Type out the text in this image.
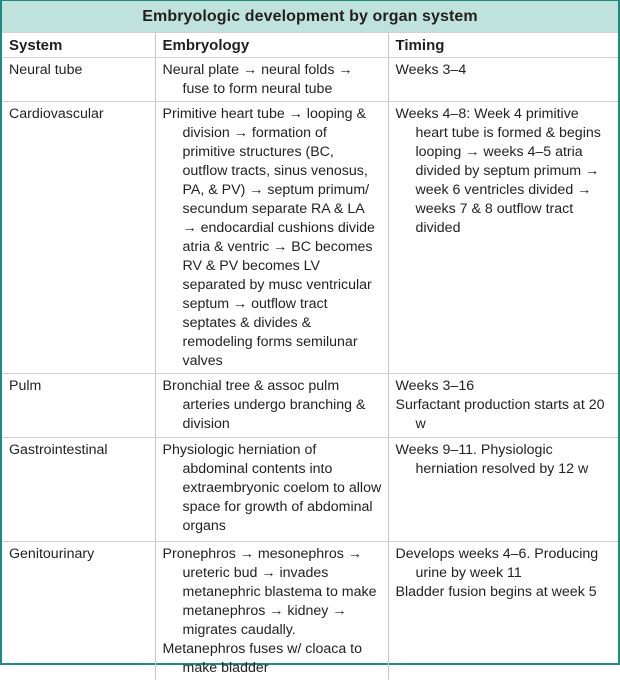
Embryologic development by organ system
System	Embryology	Timing
Neural tube	Neural plate → neural folds → fuse to form neural tube	Weeks 3–4

Cardiovascular	Primitive heart tube → looping & division → formation of primitive structures (BC, outflow tracts, sinus venosus, PA, & PV) → septum primum/ secundum separate RA & LA → endocardial cushions divide atria & ventric → BC becomes RV & PV becomes LV separated by musc ventricular septum → outflow tract septates & divides & remodeling forms semilunar valves	Weeks 4–8: Week 4 primitive heart tube is formed & begins looping → weeks 4–5 atria divided by septum primum → week 6 ventricles divided → weeks 7 & 8 outflow tract divided

Pulm	Bronchial tree & assoc pulm arteries undergo branching & division	Weeks 3–16
Surfactant production starts at 20 w

Gastrointestinal	Physiologic herniation of abdominal contents into extraembryonic coelom to allow space for growth of abdominal organs	Weeks 9–11. Physiologic herniation resolved by 12 w

Genitourinary	Pronephros → mesonephros → ureteric bud → invades metanephric blastema to make metanephros → kidney → migrates caudally.
Metanephros fuses w/ cloaca to make bladder	Develops weeks 4–6. Producing urine by week 11
Bladder fusion begins at week 5
